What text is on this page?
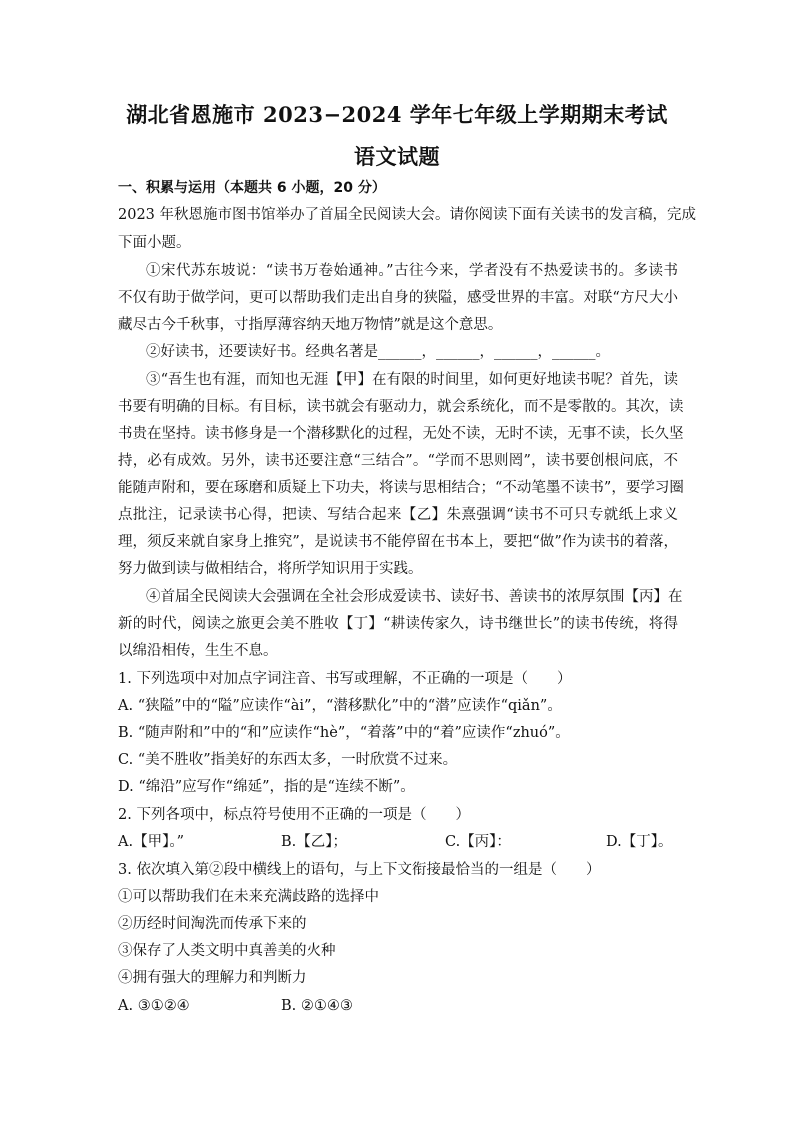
湖北省恩施市 2023−2024 学年七年级上学期期末考试
语文试题
一、积累与运用（本题共 6 小题，20 分）
2023 年秋恩施市图书馆举办了首届全民阅读大会。请你阅读下面有关读书的发言稿，完成
下面小题。
①宋代苏东坡说：“读书万卷始通神。”古往今来，学者没有不热爱读书的。多读书
不仅有助于做学问，更可以帮助我们走出自身的狭隘，感受世界的丰富。对联“方尺大小
藏尽古今千秋事，寸指厚薄容纳天地万物情”就是这个意思。
②好读书，还要读好书。经典名著是______，______，______，______。
③“吾生也有涯，而知也无涯【甲】在有限的时间里，如何更好地读书呢？首先，读
书要有明确的目标。有目标，读书就会有驱动力，就会系统化，而不是零散的。其次，读
书贵在坚持。读书修身是一个潜移默化的过程，无处不读，无时不读，无事不读，长久坚
持，必有成效。另外，读书还要注意“三结合”。“学而不思则罔”，读书要创根问底，不
能随声附和，要在琢磨和质疑上下功夫，将读与思相结合；“不动笔墨不读书”，要学习圈
点批注，记录读书心得，把读、写结合起来【乙】朱熹强调“读书不可只专就纸上求义
理，须反来就自家身上推究”，是说读书不能停留在书本上，要把“做”作为读书的着落，
努力做到读与做相结合，将所学知识用于实践。
④首届全民阅读大会强调在全社会形成爱读书、读好书、善读书的浓厚氛围【丙】在
新的时代，阅读之旅更会美不胜收【丁】“耕读传家久，诗书继世长”的读书传统，将得
以绵沿相传，生生不息。
1. 下列选项中对加点字词注音、书写或理解，不正确的一项是（　　）
A. “狭隘”中的“隘”应读作“ài”，“潜移默化”中的“潜”应读作“qiǎn”。
B. “随声附和”中的“和”应读作“hè”，“着落”中的“着”应读作“zhuó”。
C. “美不胜收”指美好的东西太多，一时欣赏不过来。
D. “绵沿”应写作“绵延”，指的是“连续不断”。
2. 下列各项中，标点符号使用不正确的一项是（　　）
A.【甲】。”	B.【乙】；	C.【丙】：	D.【丁】。
3. 依次填入第②段中横线上的语句，与上下文衔接最恰当的一组是（　　）
①可以帮助我们在未来充满歧路的选择中
②历经时间淘洗而传承下来的
③保存了人类文明中真善美的火种
④拥有强大的理解力和判断力
A. ③①②④	B. ②①④③
